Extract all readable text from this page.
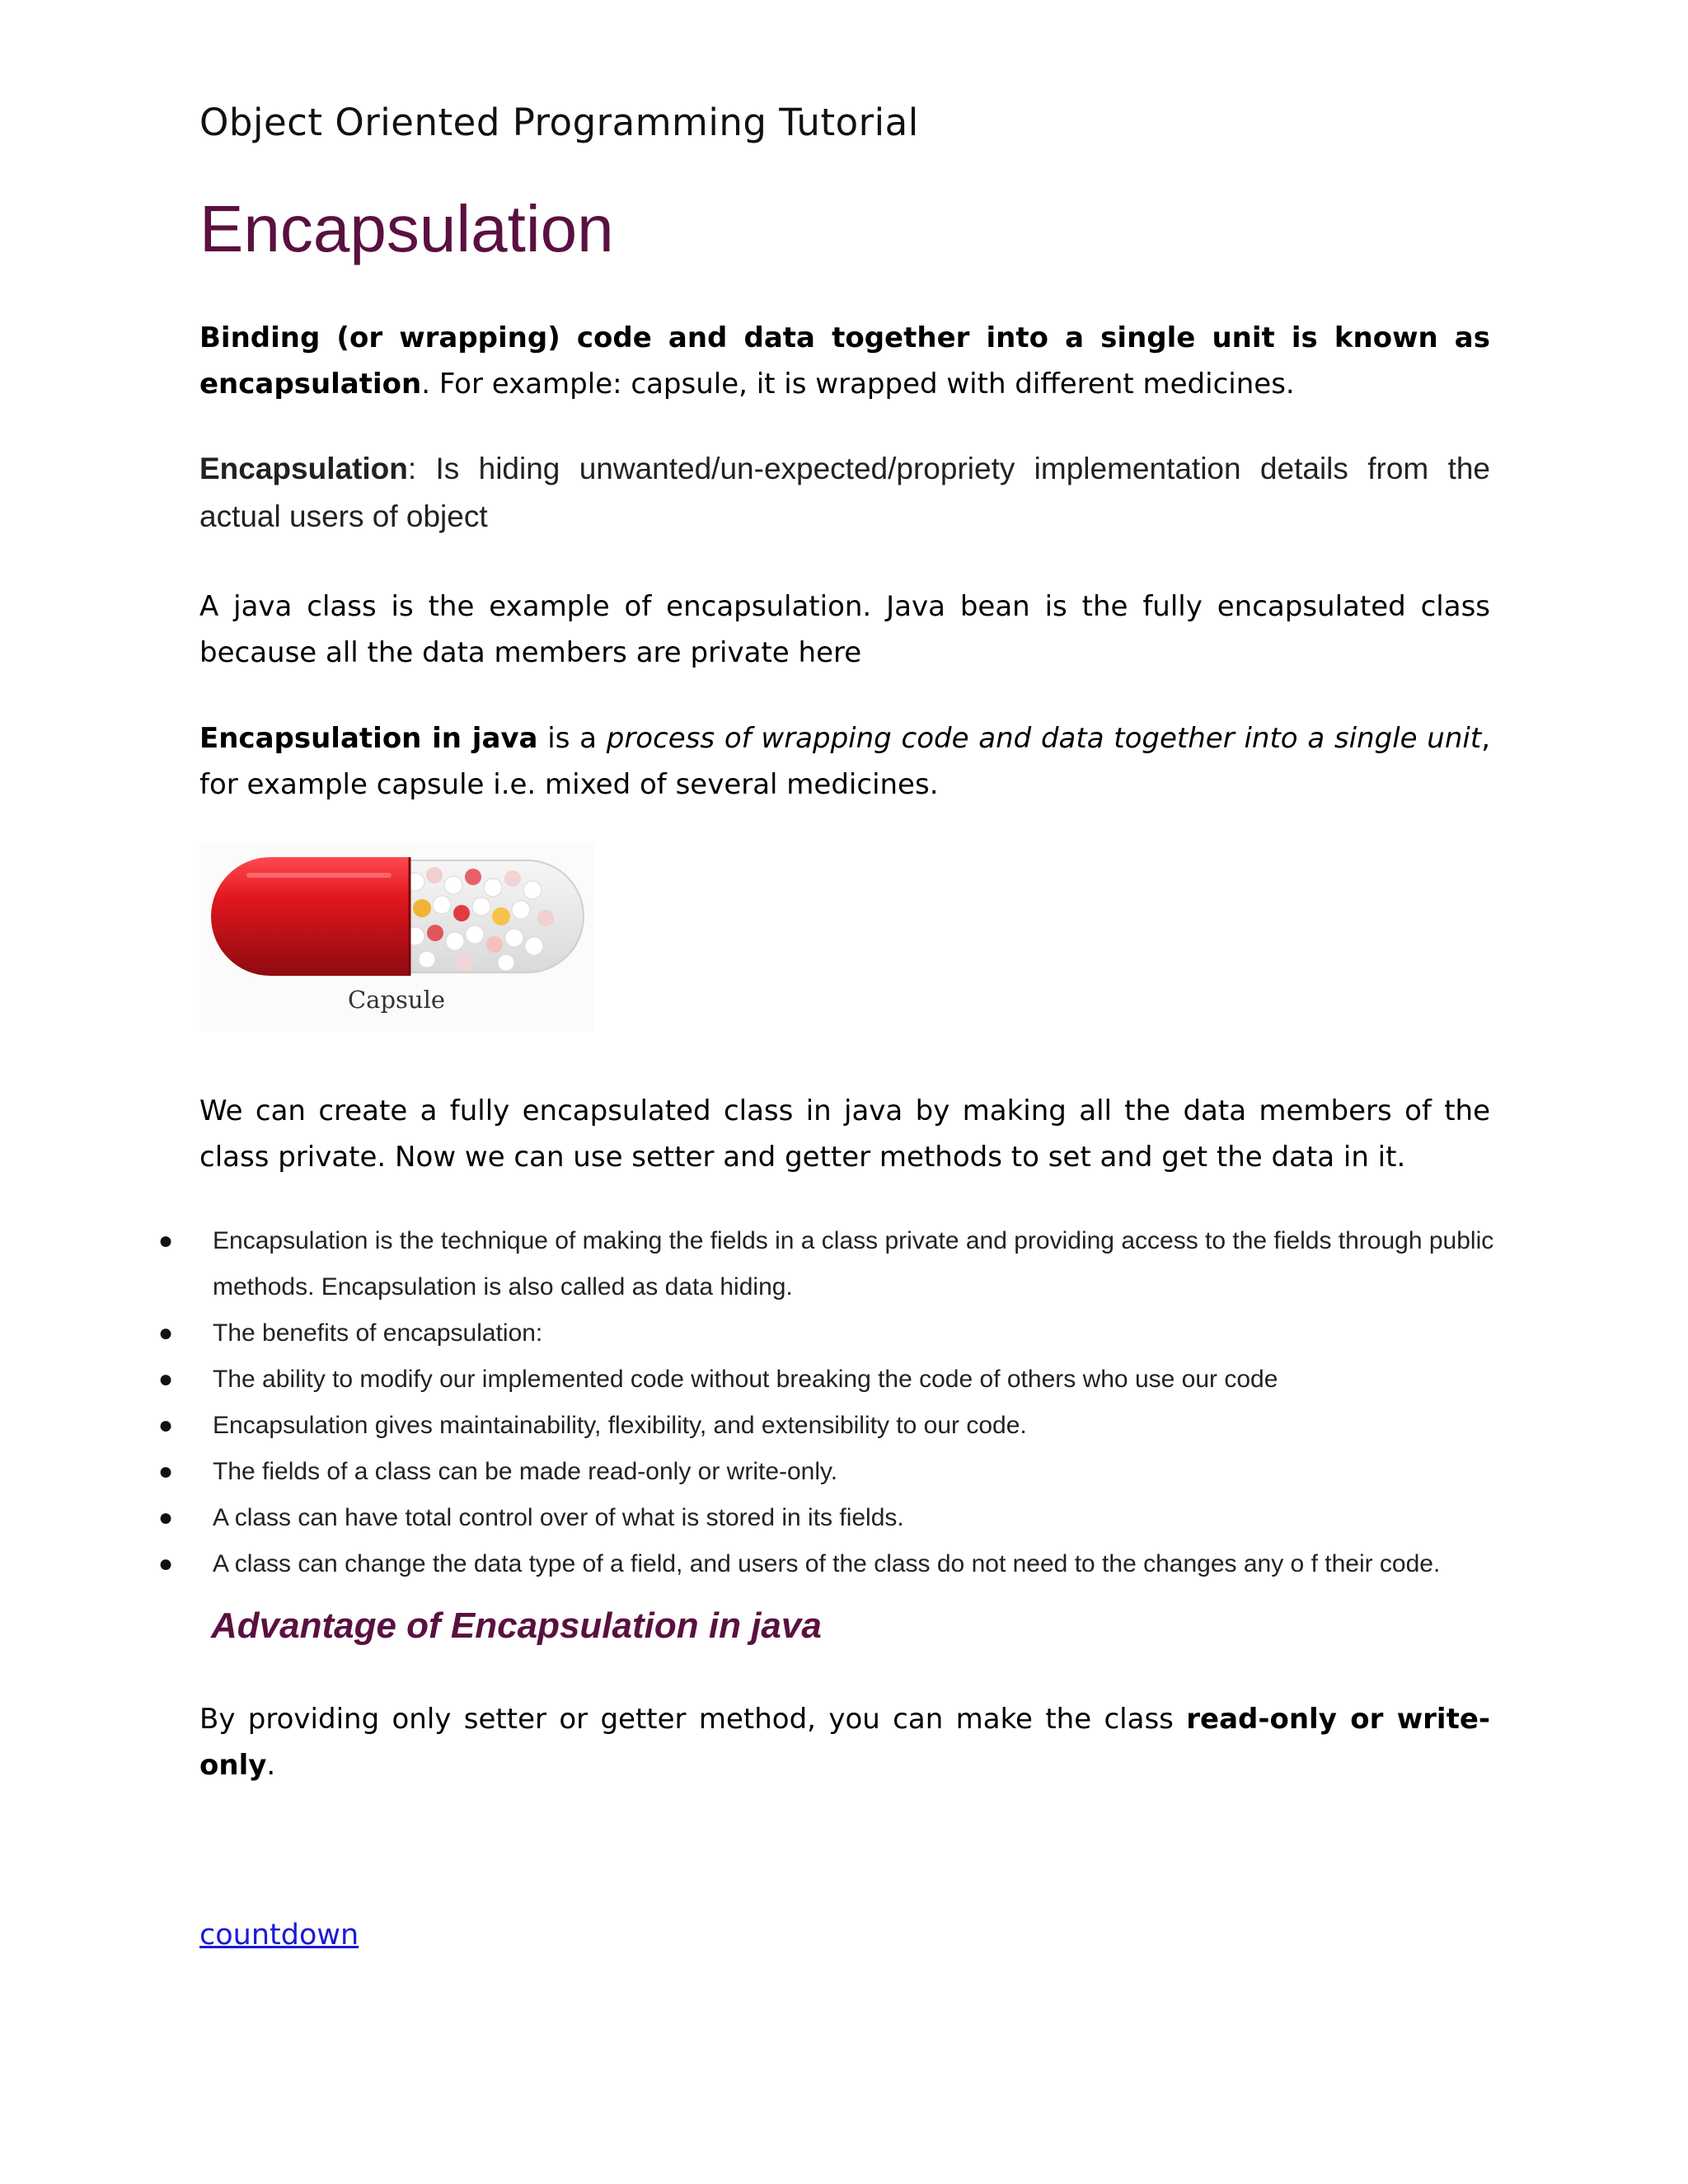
Object Oriented Programming Tutorial
Encapsulation

Binding (or wrapping) code and data together into a single unit is known as encapsulation. For example: capsule, it is wrapped with different medicines.

Encapsulation: Is hiding unwanted/un-expected/propriety implementation details from the actual users of object

A java class is the example of encapsulation. Java bean is the fully encapsulated class because all the data members are private here

Encapsulation in java is a process of wrapping code and data together into a single unit, for example capsule i.e. mixed of several medicines.

Capsule

We can create a fully encapsulated class in java by making all the data members of the class private. Now we can use setter and getter methods to set and get the data in it.

●	Encapsulation is the technique of making the fields in a class private and providing access to the fields through public methods. Encapsulation is also called as data hiding.
●	The benefits of encapsulation:
●	The ability to modify our implemented code without breaking the code of others who use our code
●	Encapsulation gives maintainability, flexibility, and extensibility to our code.
●	The fields of a class can be made read-only or write-only.
●	A class can have total control over of what is stored in its fields.
●	A class can change the data type of a field, and users of the class do not need to the changes any o f their code.
Advantage of Encapsulation in java

By providing only setter or getter method, you can make the class read-only or write-only.

countdown
